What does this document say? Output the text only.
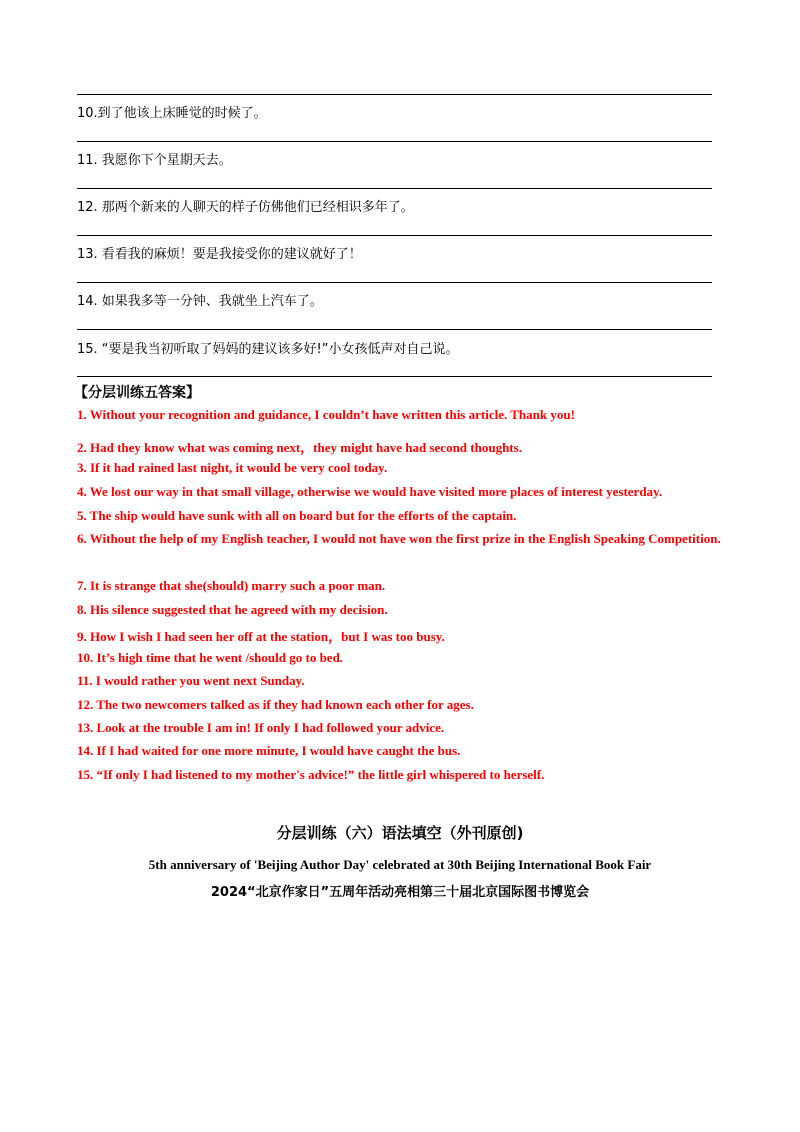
10.到了他该上床睡觉的时候了。
11. 我愿你下个星期天去。
12. 那两个新来的人聊天的样子仿佛他们已经相识多年了。
13. 看看我的麻烦！要是我接受你的建议就好了！
14. 如果我多等一分钟、我就坐上汽车了。
15. “要是我当初听取了妈妈的建议该多好!”小女孩低声对自己说。
【分层训练五答案】
1. Without your recognition and guidance, I couldn’t have written this article. Thank you!
2. Had they know what was coming next，they might have had second thoughts.
3. If it had rained last night, it would be very cool today.
4. We lost our way in that small village, otherwise we would have visited more places of interest yesterday.
5. The ship would have sunk with all on board but for the efforts of the captain.
6. Without the help of my English teacher, I would not have won the first prize in the English Speaking Competition.
7. It is strange that she(should) marry such a poor man.
8. His silence suggested that he agreed with my decision.
9. How I wish I had seen her off at the station，but I was too busy.
10. It’s high time that he went /should go to bed.
11. I would rather you went next Sunday.
12. The two newcomers talked as if they had known each other for ages.
13. Look at the trouble I am in! If only I had followed your advice.
14. If I had waited for one more minute, I would have caught the bus.
15. “If only I had listened to my mother's advice!” the little girl whispered to herself.
分层训练（六）语法填空（外刊原创)
5th anniversary of 'Beijing Author Day' celebrated at 30th Beijing International Book Fair
2024“北京作家日”五周年活动亮相第三十届北京国际图书博览会
